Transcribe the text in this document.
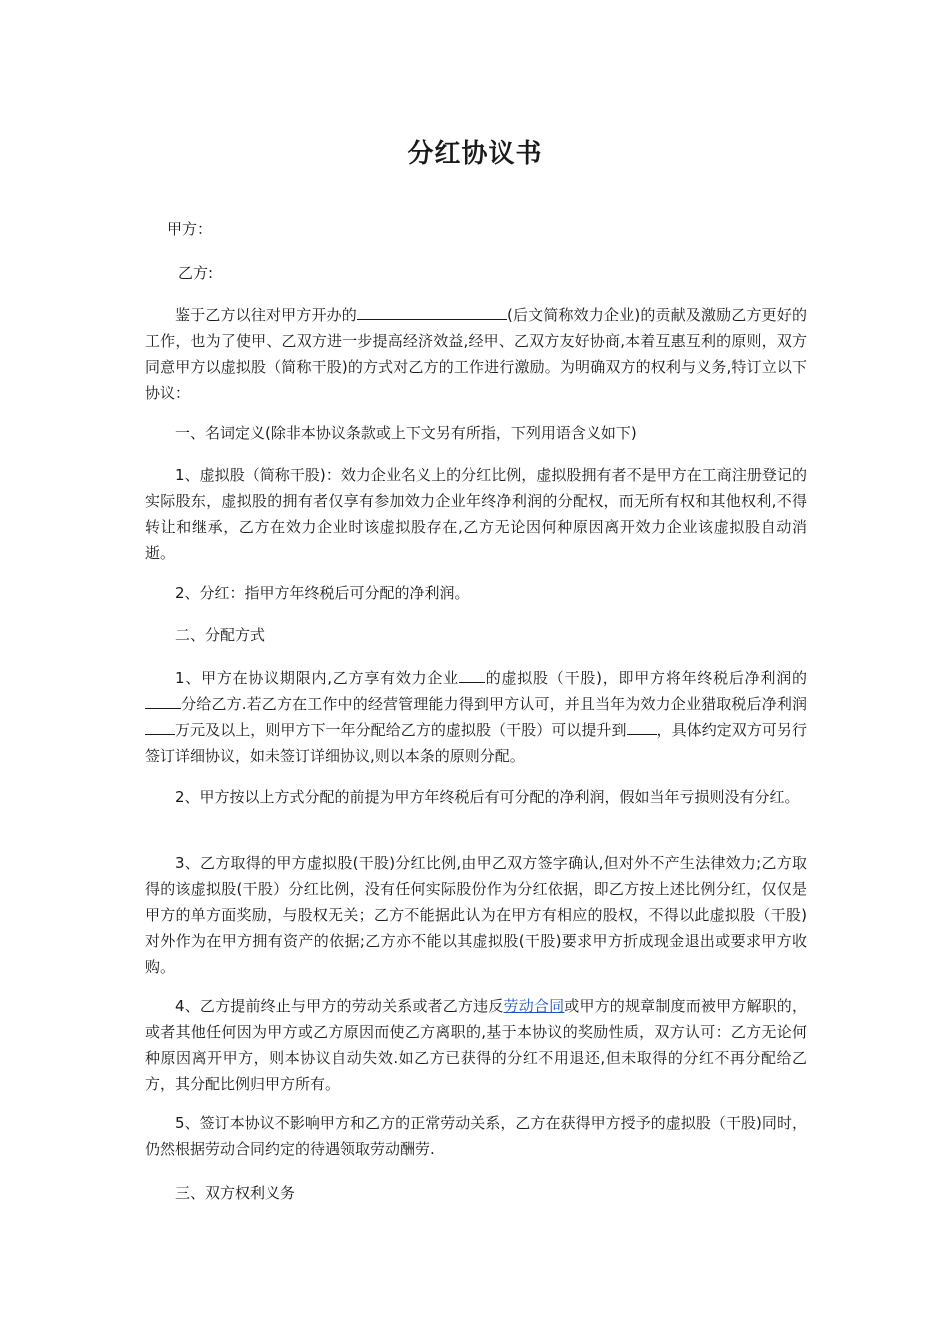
分红协议书

甲方：

乙方:

鉴于乙方以往对甲方开办的	(后文简称效力企业)的贡献及激励乙方更好的工作，也为了使甲、乙双方进一步提高经济效益,经甲、乙双方友好协商,本着互惠互利的原则，双方同意甲方以虚拟股（简称干股)的方式对乙方的工作进行激励。为明确双方的权利与义务,特订立以下协议：

一、名词定义(除非本协议条款或上下文另有所指，下列用语含义如下)

1、虚拟股（简称干股)：效力企业名义上的分红比例，虚拟股拥有者不是甲方在工商注册登记的实际股东，虚拟股的拥有者仅享有参加效力企业年终净利润的分配权，而无所有权和其他权利,不得转让和继承，乙方在效力企业时该虚拟股存在,乙方无论因何种原因离开效力企业该虚拟股自动消逝。

2、分红：指甲方年终税后可分配的净利润。

二、分配方式

1、甲方在协议期限内,乙方享有效力企业 的虚拟股（干股)，即甲方将年终税后净利润的分给乙方.若乙方在工作中的经营管理能力得到甲方认可，并且当年为效力企业猎取税后净利润万元及以上，则甲方下一年分配给乙方的虚拟股（干股）可以提升到 ，具体约定双方可另行签订详细协议，如未签订详细协议,则以本条的原则分配。

2、甲方按以上方式分配的前提为甲方年终税后有可分配的净利润，假如当年亏损则没有分红。

3、乙方取得的甲方虚拟股(干股)分红比例,由甲乙双方签字确认,但对外不产生法律效力;乙方取得的该虚拟股(干股）分红比例，没有任何实际股份作为分红依据，即乙方按上述比例分红，仅仅是甲方的单方面奖励，与股权无关；乙方不能据此认为在甲方有相应的股权，不得以此虚拟股（干股)对外作为在甲方拥有资产的依据;乙方亦不能以其虚拟股(干股)要求甲方折成现金退出或要求甲方收购。

4、乙方提前终止与甲方的劳动关系或者乙方违反劳动合同或甲方的规章制度而被甲方解职的，或者其他任何因为甲方或乙方原因而使乙方离职的,基于本协议的奖励性质，双方认可：乙方无论何种原因离开甲方，则本协议自动失效.如乙方已获得的分红不用退还,但未取得的分红不再分配给乙方，其分配比例归甲方所有。

5、签订本协议不影响甲方和乙方的正常劳动关系，乙方在获得甲方授予的虚拟股（干股)同时，仍然根据劳动合同约定的待遇领取劳动酬劳.

三、双方权利义务
